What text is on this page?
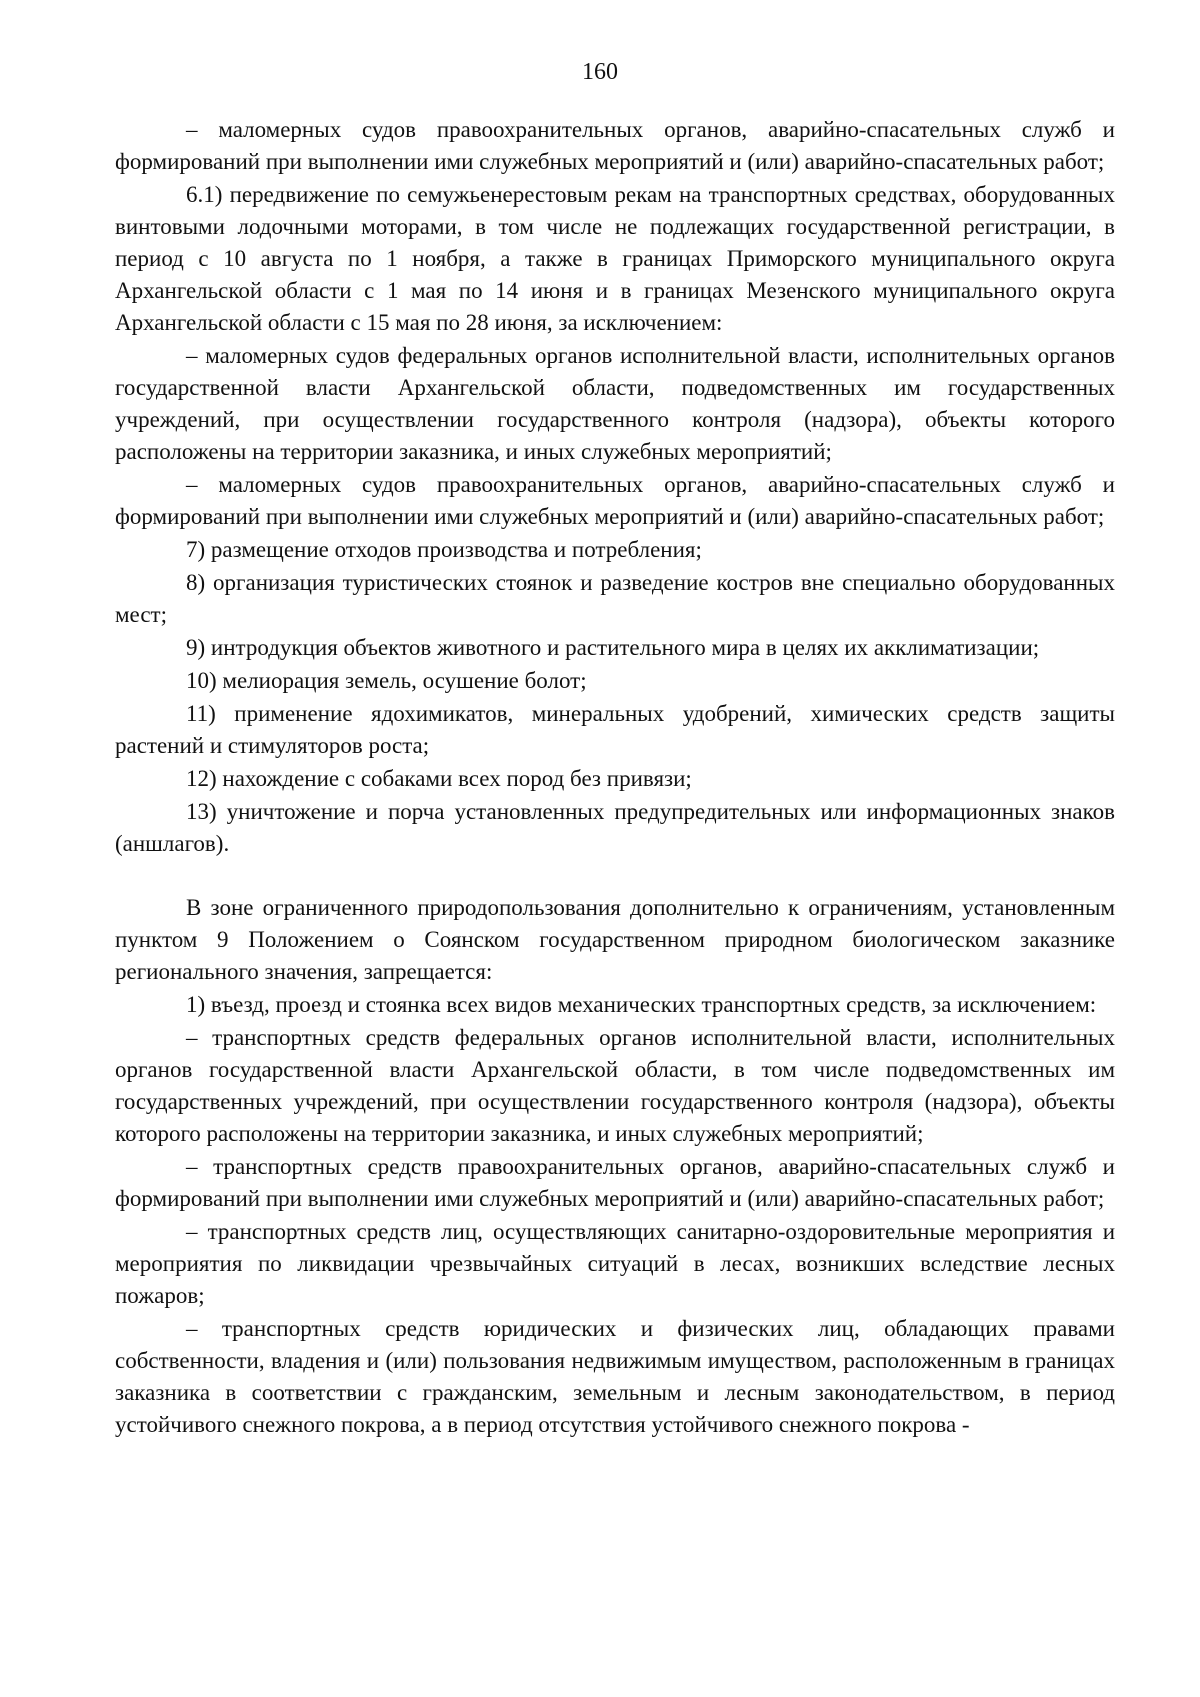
160

– маломерных судов правоохранительных органов, аварийно-спасательных служб и формирований при выполнении ими служебных мероприятий и (или) аварийно-спасательных работ;

6.1) передвижение по семужьенерестовым рекам на транспортных средствах, оборудованных винтовыми лодочными моторами, в том числе не подлежащих государственной регистрации, в период с 10 августа по 1 ноября, а также в границах Приморского муниципального округа Архангельской области с 1 мая по 14 июня и в границах Мезенского муниципального округа Архангельской области с 15 мая по 28 июня, за исключением:

– маломерных судов федеральных органов исполнительной власти, исполнительных органов государственной власти Архангельской области, подведомственных им государственных учреждений, при осуществлении государственного контроля (надзора), объекты которого расположены на территории заказника, и иных служебных мероприятий;

– маломерных судов правоохранительных органов, аварийно-спасательных служб и формирований при выполнении ими служебных мероприятий и (или) аварийно-спасательных работ;

7) размещение отходов производства и потребления;

8) организация туристических стоянок и разведение костров вне специально оборудованных мест;

9) интродукция объектов животного и растительного мира в целях их акклиматизации;

10) мелиорация земель, осушение болот;

11) применение ядохимикатов, минеральных удобрений, химических средств защиты растений и стимуляторов роста;

12) нахождение с собаками всех пород без привязи;

13) уничтожение и порча установленных предупредительных или информационных знаков (аншлагов).

В зоне ограниченного природопользования дополнительно к ограничениям, установленным пунктом 9 Положением о Соянском государственном природном биологическом заказнике регионального значения, запрещается:

1) въезд, проезд и стоянка всех видов механических транспортных средств, за исключением:

– транспортных средств федеральных органов исполнительной власти, исполнительных органов государственной власти Архангельской области, в том числе подведомственных им государственных учреждений, при осуществлении государственного контроля (надзора), объекты которого расположены на территории заказника, и иных служебных мероприятий;

– транспортных средств правоохранительных органов, аварийно-спасательных служб и формирований при выполнении ими служебных мероприятий и (или) аварийно-спасательных работ;

– транспортных средств лиц, осуществляющих санитарно-оздоровительные мероприятия и мероприятия по ликвидации чрезвычайных ситуаций в лесах, возникших вследствие лесных пожаров;

– транспортных средств юридических и физических лиц, обладающих правами собственности, владения и (или) пользования недвижимым имуществом, расположенным в границах заказника в соответствии с гражданским, земельным и лесным законодательством, в период устойчивого снежного покрова, а в период отсутствия устойчивого снежного покрова -
